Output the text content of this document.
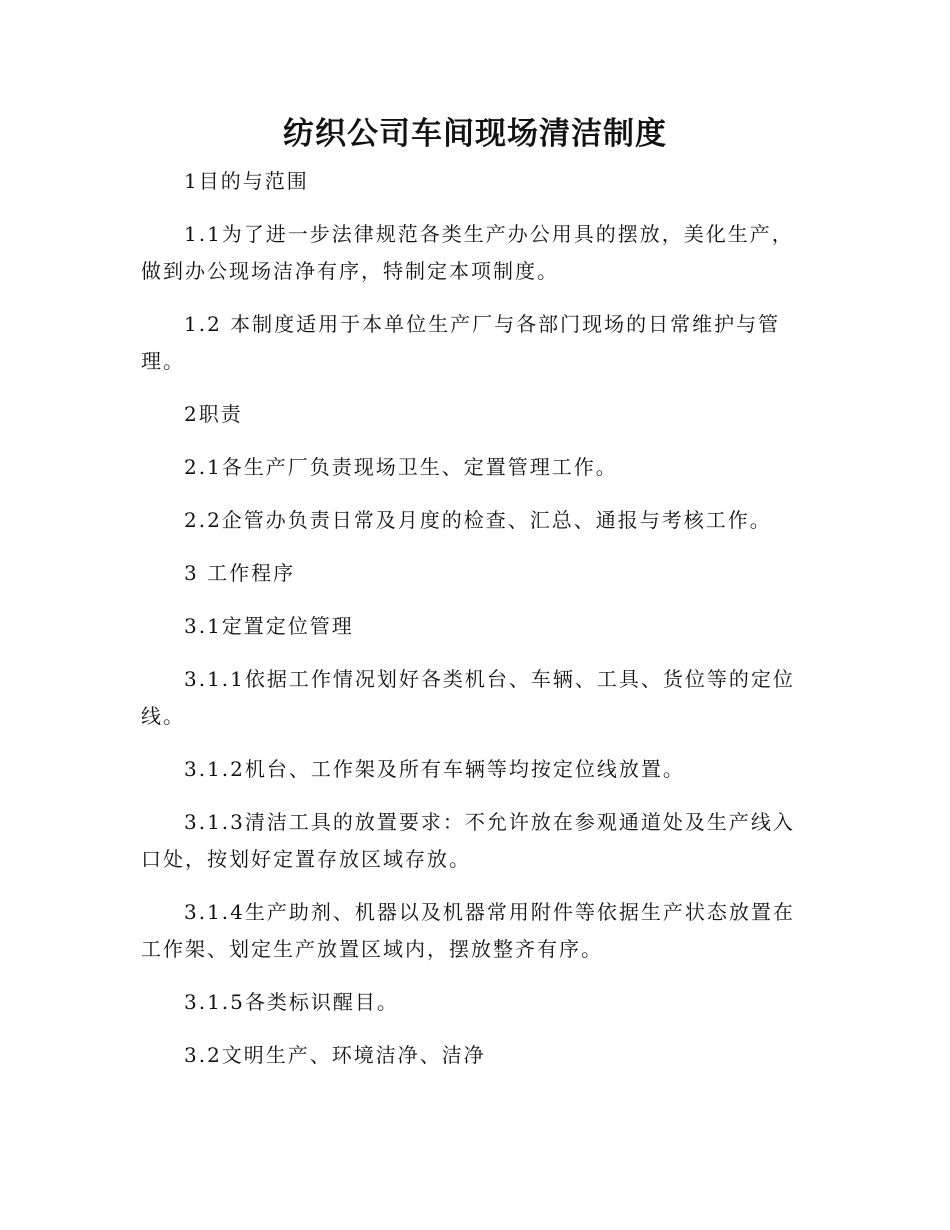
纺织公司车间现场清洁制度

1目的与范围

1.1为了进一步法律规范各类生产办公用具的摆放，美化生产，做到办公现场洁净有序，特制定本项制度。

1.2 本制度适用于本单位生产厂与各部门现场的日常维护与管理。

2职责

2.1各生产厂负责现场卫生、定置管理工作。

2.2企管办负责日常及月度的检查、汇总、通报与考核工作。

3 工作程序

3.1定置定位管理

3.1.1依据工作情况划好各类机台、车辆、工具、货位等的定位线。

3.1.2机台、工作架及所有车辆等均按定位线放置。

3.1.3清洁工具的放置要求：不允许放在参观通道处及生产线入口处，按划好定置存放区域存放。

3.1.4生产助剂、机器以及机器常用附件等依据生产状态放置在工作架、划定生产放置区域内，摆放整齐有序。

3.1.5各类标识醒目。

3.2文明生产、环境洁净、洁净
